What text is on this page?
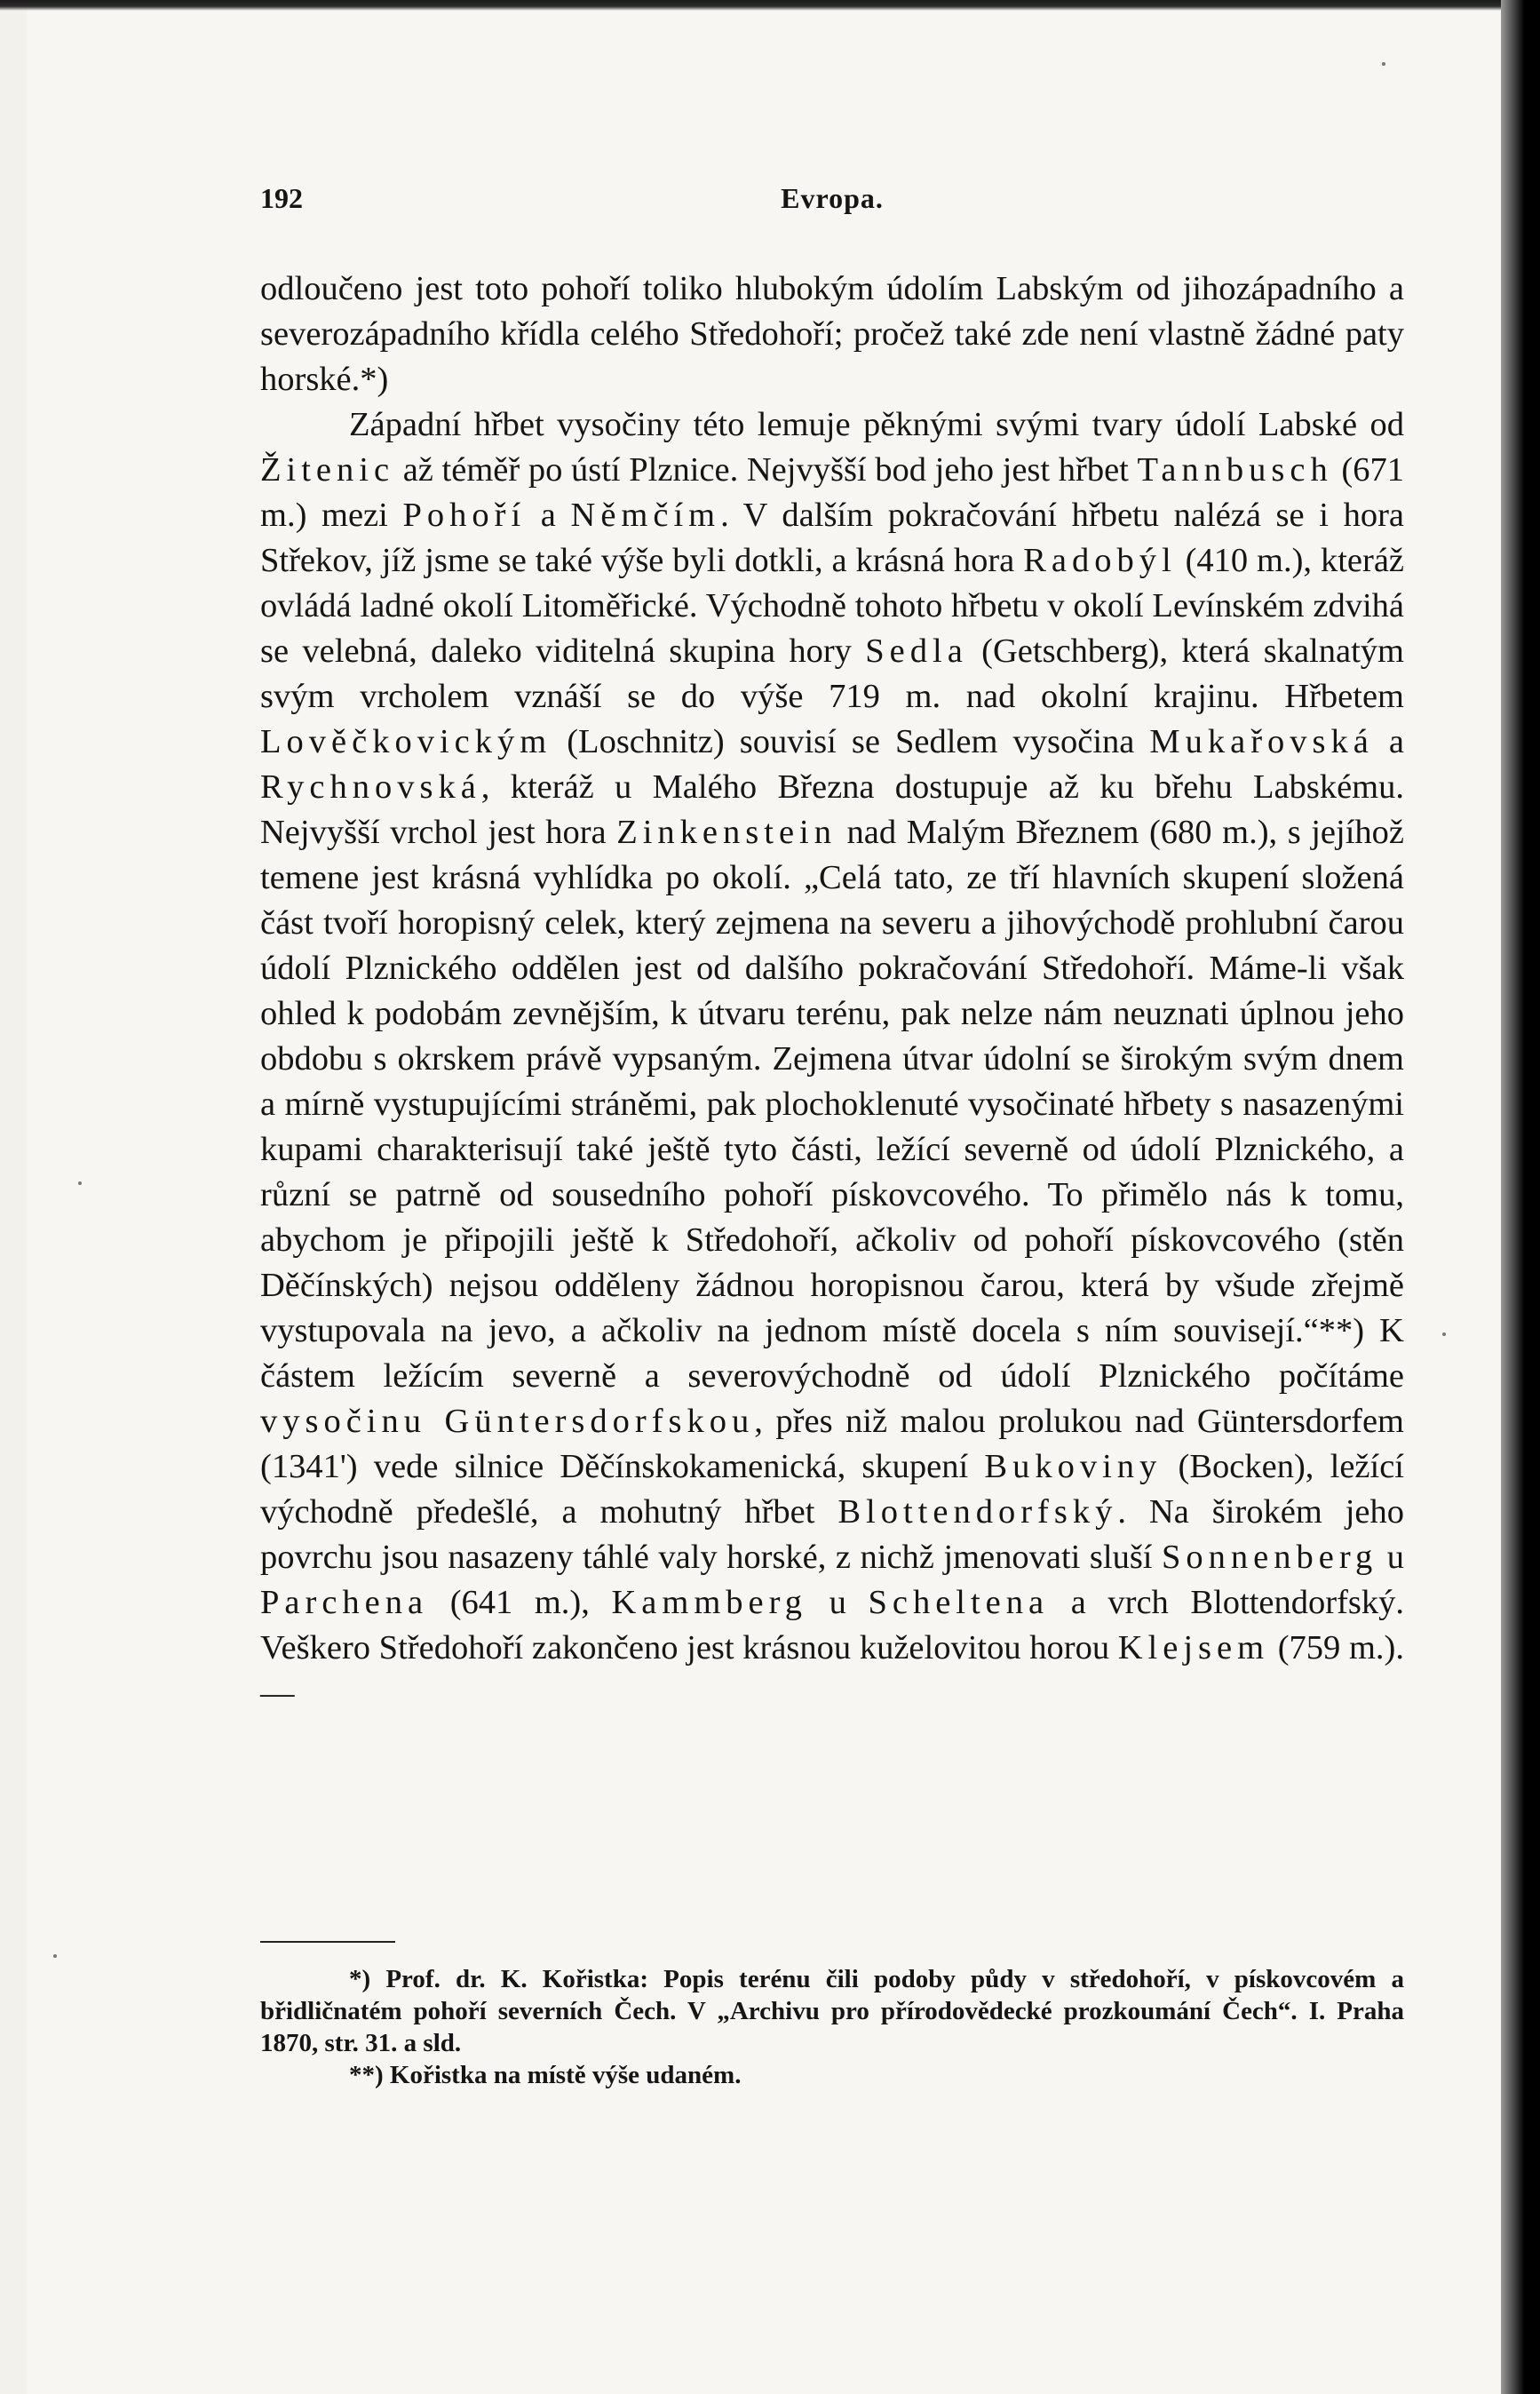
192	Evropa.

odloučeno jest toto pohoří toliko hlubokým údolím Labským od jihozápadního a severozápadního křídla celého Středohoří; pročež také zde není vlastně žádné paty horské.*)

Západní hřbet vysočiny této lemuje pěknými svými tvary údolí Labské od Žitenic až téměř po ústí Plznice. Nejvyšší bod jeho jest hřbet Tannbusch (671 m.) mezi Pohoří a Němčím. V dalším pokračování hřbetu nalézá se i hora Střekov, jíž jsme se také výše byli dotkli, a krásná hora Radobýl (410 m.), kteráž ovládá ladné okolí Litoměřické. Východně tohoto hřbetu v okolí Levínském zdvihá se velebná, daleko viditelná skupina hory Sedla (Getschberg), která skalnatým svým vrcholem vznáší se do výše 719 m. nad okolní krajinu. Hřbetem Lověčkovickým (Loschnitz) souvisí se Sedlem vysočina Mukařovská a Rychnovská, kteráž u Malého Března dostupuje až ku břehu Labskému. Nejvyšší vrchol jest hora Zinkenstein nad Malým Březnem (680 m.), s jejíhož temene jest krásná vyhlídka po okolí. „Celá tato, ze tří hlavních skupení složená část tvoří horopisný celek, který zejmena na severu a jihovýchodě prohlubní čarou údolí Plznického oddělen jest od dalšího pokračování Středohoří. Máme-li však ohled k podobám zevnějším, k útvaru terénu, pak nelze nám neuznati úplnou jeho obdobu s okrskem právě vypsaným. Zejmena útvar údolní se širokým svým dnem a mírně vystupujícími stráněmi, pak plochoklenuté vysočinaté hřbety s nasazenými kupami charakterisují také ještě tyto části, ležící severně od údolí Plznického, a různí se patrně od sousedního pohoří pískovcového. To přimělo nás k tomu, abychom je připojili ještě k Středohoří, ačkoliv od pohoří pískovcového (stěn Děčínských) nejsou odděleny žádnou horopisnou čarou, která by všude zřejmě vystupovala na jevo, a ačkoliv na jednom místě docela s ním souvisejí.“**) K částem ležícím severně a severovýchodně od údolí Plznického počítáme vysočinu Güntersdorfskou, přes niž malou prolukou nad Güntersdorfem (1341') vede silnice Děčínskokamenická, skupení Bukoviny (Bocken), ležící východně předešlé, a mohutný hřbet Blottendorfský. Na širokém jeho povrchu jsou nasazeny táhlé valy horské, z nichž jmenovati sluší Sonnenberg u Parchena (641 m.), Kammberg u Scheltena a vrch Blottendorfský. Veškero Středohoří zakončeno jest krásnou kuželovitou horou Klejsem (759 m.). —

*) Prof. dr. K. Kořistka: Popis terénu čili podoby půdy v středohoří, v pískovcovém a břidličnatém pohoří severních Čech. V „Archivu pro přírodovědecké prozkoumání Čech“. I. Praha 1870, str. 31. a sld.

**) Kořistka na místě výše udaném.
